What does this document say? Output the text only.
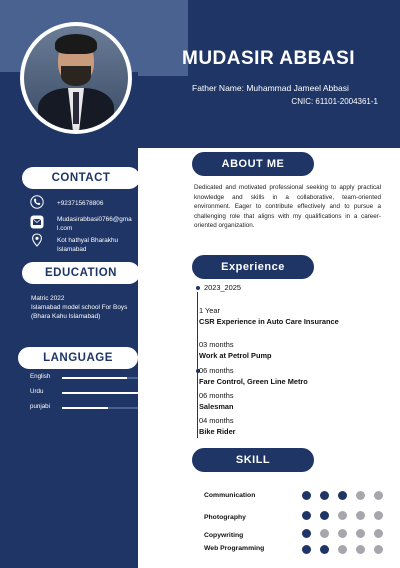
MUDASIR ABBASI
Father Name: Muhammad Jameel Abbasi
CNIC: 61101-2004361-1
CONTACT
+923715678806
Mudasirabbasi0766@gma
l.com
Kot hathyal Bharakhu
Islamabad
EDUCATION
Matric 2022
Islamabad model school For Boys
(Bhara Kahu Islamabad)
LANGUAGE
English
Urdu
punjabi
ABOUT ME
Dedicated and motivated professional seeking to apply practical knowledge and skills in a collaborative, team-oriented environment. Eager to contribute effectively and to pursue a challenging role that aligns with my qualifications in a career-oriented organization.
Experience
2023_2025
1 Year
CSR Experience in Auto Care Insurance
03 months
Work at Petrol Pump
06 months
Fare Control, Green Line Metro
06 months
Salesman
04 months
Bike Rider
SKILL
Communication
Photography
Copywriting
Web Programming
